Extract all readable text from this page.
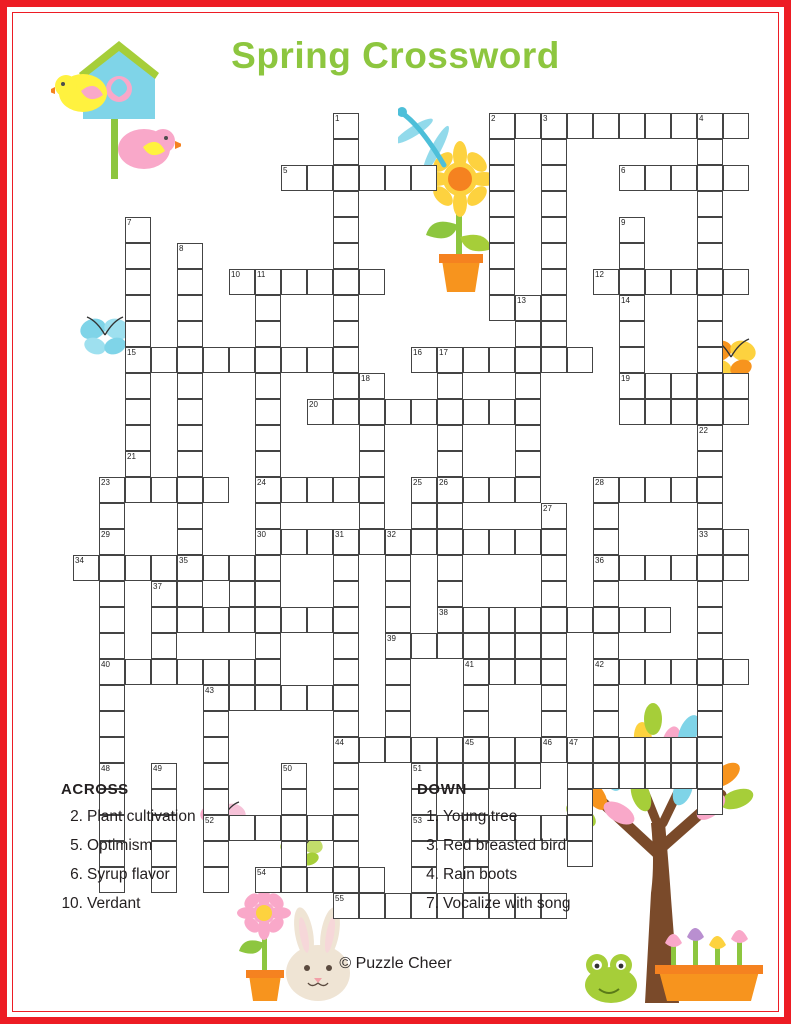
Spring Crossword
1	2	3	4
5	6
7	9
8
10 11	12
13	14
15	16 17
18	19
20
22
21
23	24	25 26	28
27
29	30	31	32	33
34	35	36
37
38
39
40	41	42
43
44	45	46 47
48	49	50	51
52	53
54
55
ACROSS
2. Plant cultivation
5. Optimism
6. Syrup flavor
10. Verdant
DOWN
1. Young tree
3. Red breasted bird
4. Rain boots
7. Vocalize with song
© Puzzle Cheer
